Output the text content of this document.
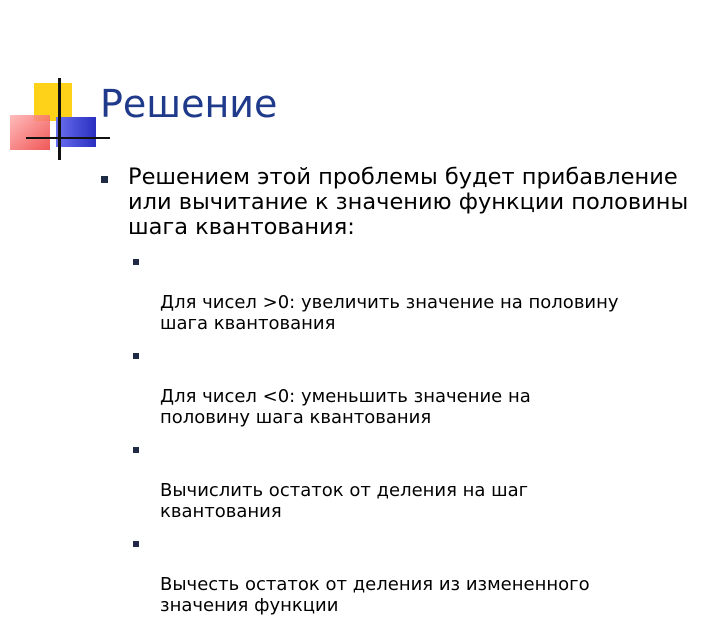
Решение
Решением этой проблемы будет прибавление или вычитание к значению функции половины шага квантования:

Для чисел >0: увеличить значение на половину
шага квантования

Для чисел <0: уменьшить значение на
половину шага квантования

Вычислить остаток от деления на шаг
квантования

Вычесть остаток от деления из измененного
значения функции
